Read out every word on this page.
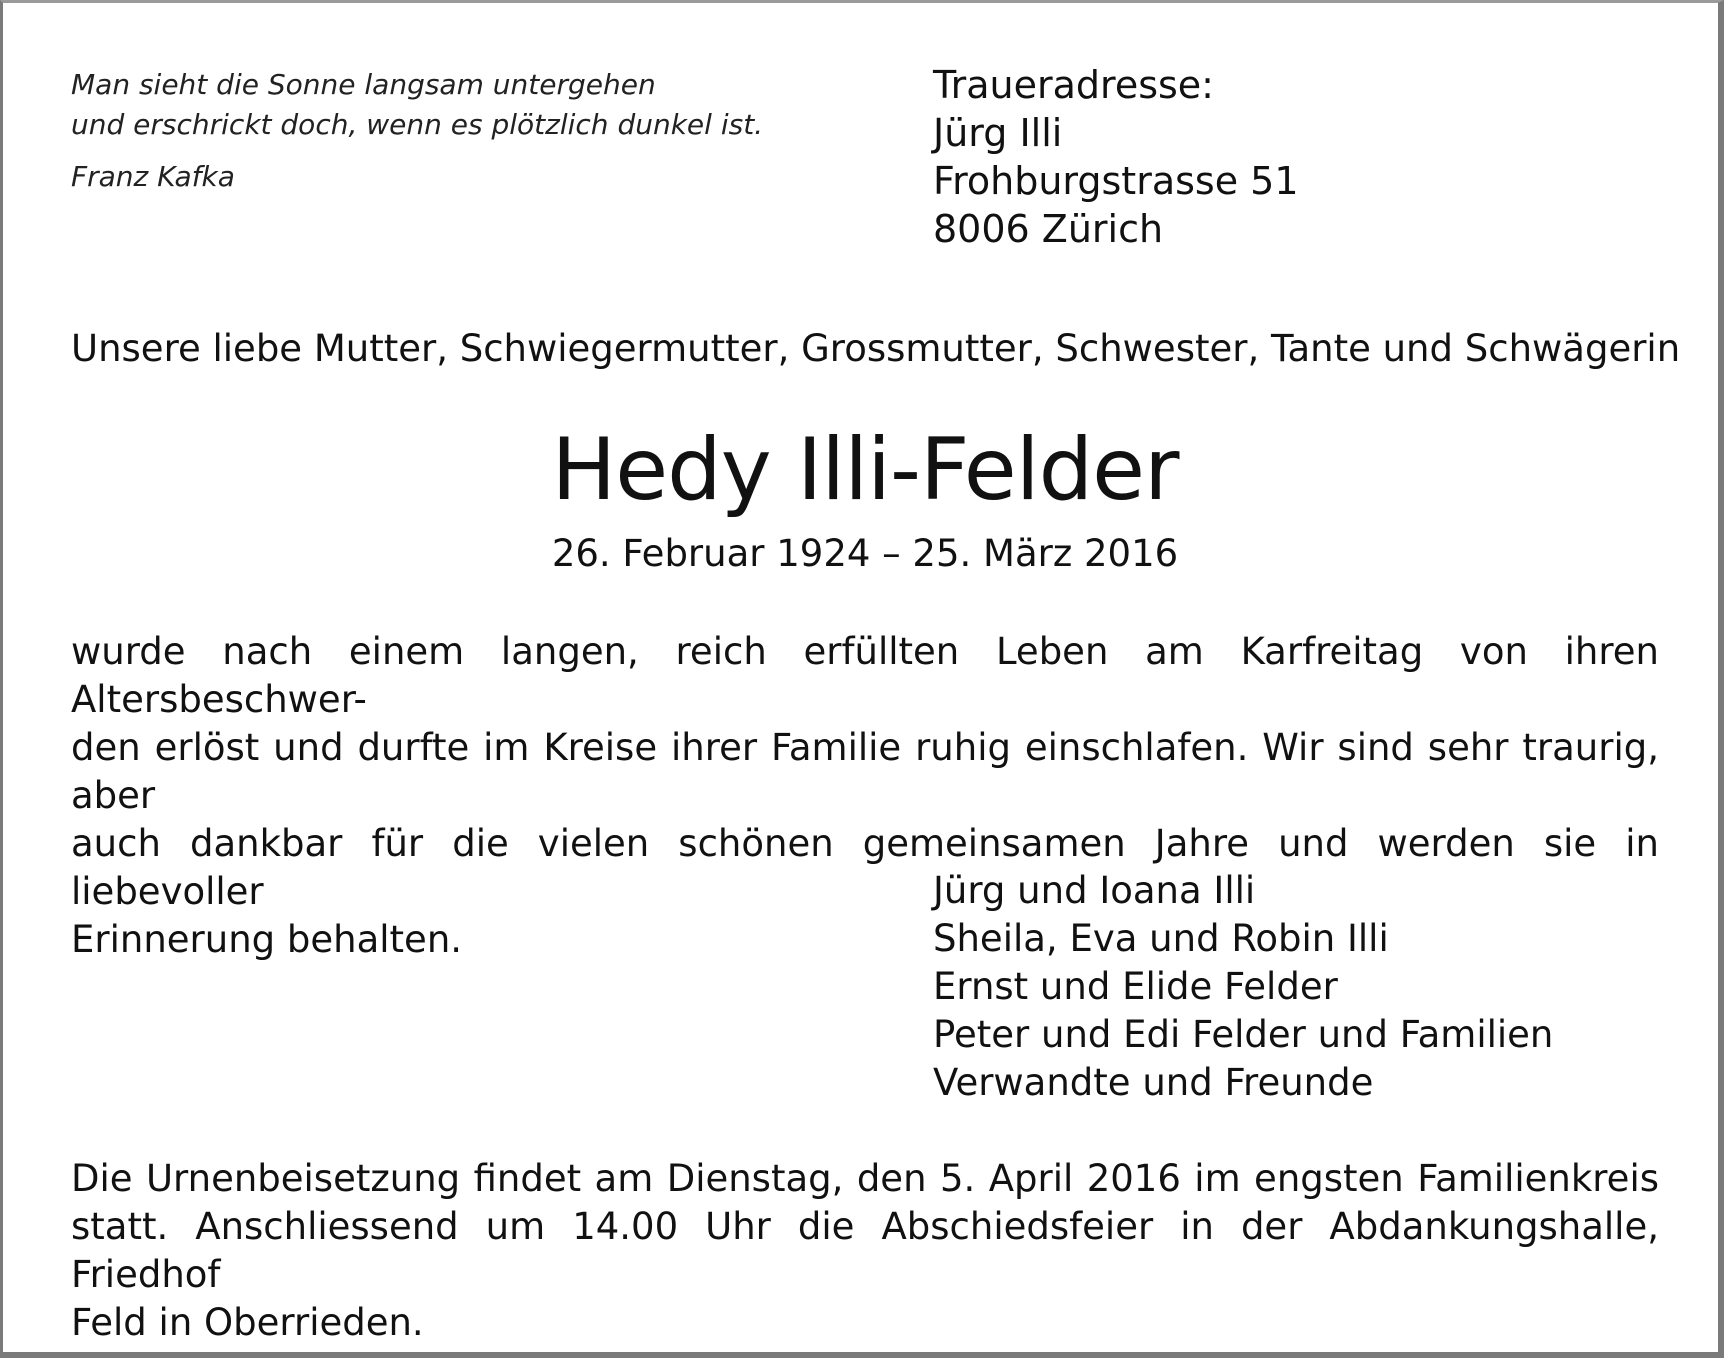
Man sieht die Sonne langsam untergehen
und erschrickt doch, wenn es plötzlich dunkel ist.
Franz Kafka
Traueradresse:
Jürg Illi
Frohburgstrasse 51
8006 Zürich
Unsere liebe Mutter, Schwiegermutter, Grossmutter, Schwester, Tante und Schwägerin
Hedy Illi-Felder
26. Februar 1924 – 25. März 2016
wurde nach einem langen, reich erfüllten Leben am Karfreitag von ihren Altersbeschwer-
den erlöst und durfte im Kreise ihrer Familie ruhig einschlafen. Wir sind sehr traurig, aber
auch dankbar für die vielen schönen gemeinsamen Jahre und werden sie in liebevoller
Erinnerung behalten.
Jürg und Ioana Illi
Sheila, Eva und Robin Illi
Ernst und Elide Felder
Peter und Edi Felder und Familien
Verwandte und Freunde
Die Urnenbeisetzung findet am Dienstag, den 5. April 2016 im engsten Familienkreis
statt. Anschliessend um 14.00 Uhr die Abschiedsfeier in der Abdankungshalle, Friedhof
Feld in Oberrieden.
